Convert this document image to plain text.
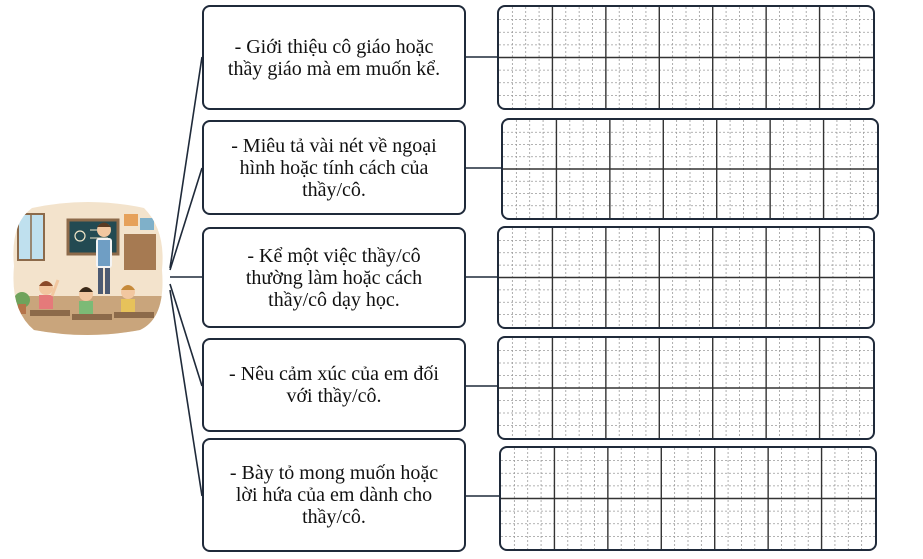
- Giới thiệu cô giáo hoặc
thầy giáo mà em muốn kể.
- Miêu tả vài nét về ngoại
hình hoặc tính cách của
thầy/cô.
- Kể một việc thầy/cô
thường làm hoặc cách
thầy/cô dạy học.
- Nêu cảm xúc của em đối
với thầy/cô.
- Bày tỏ mong muốn hoặc
lời hứa của em dành cho
thầy/cô.
